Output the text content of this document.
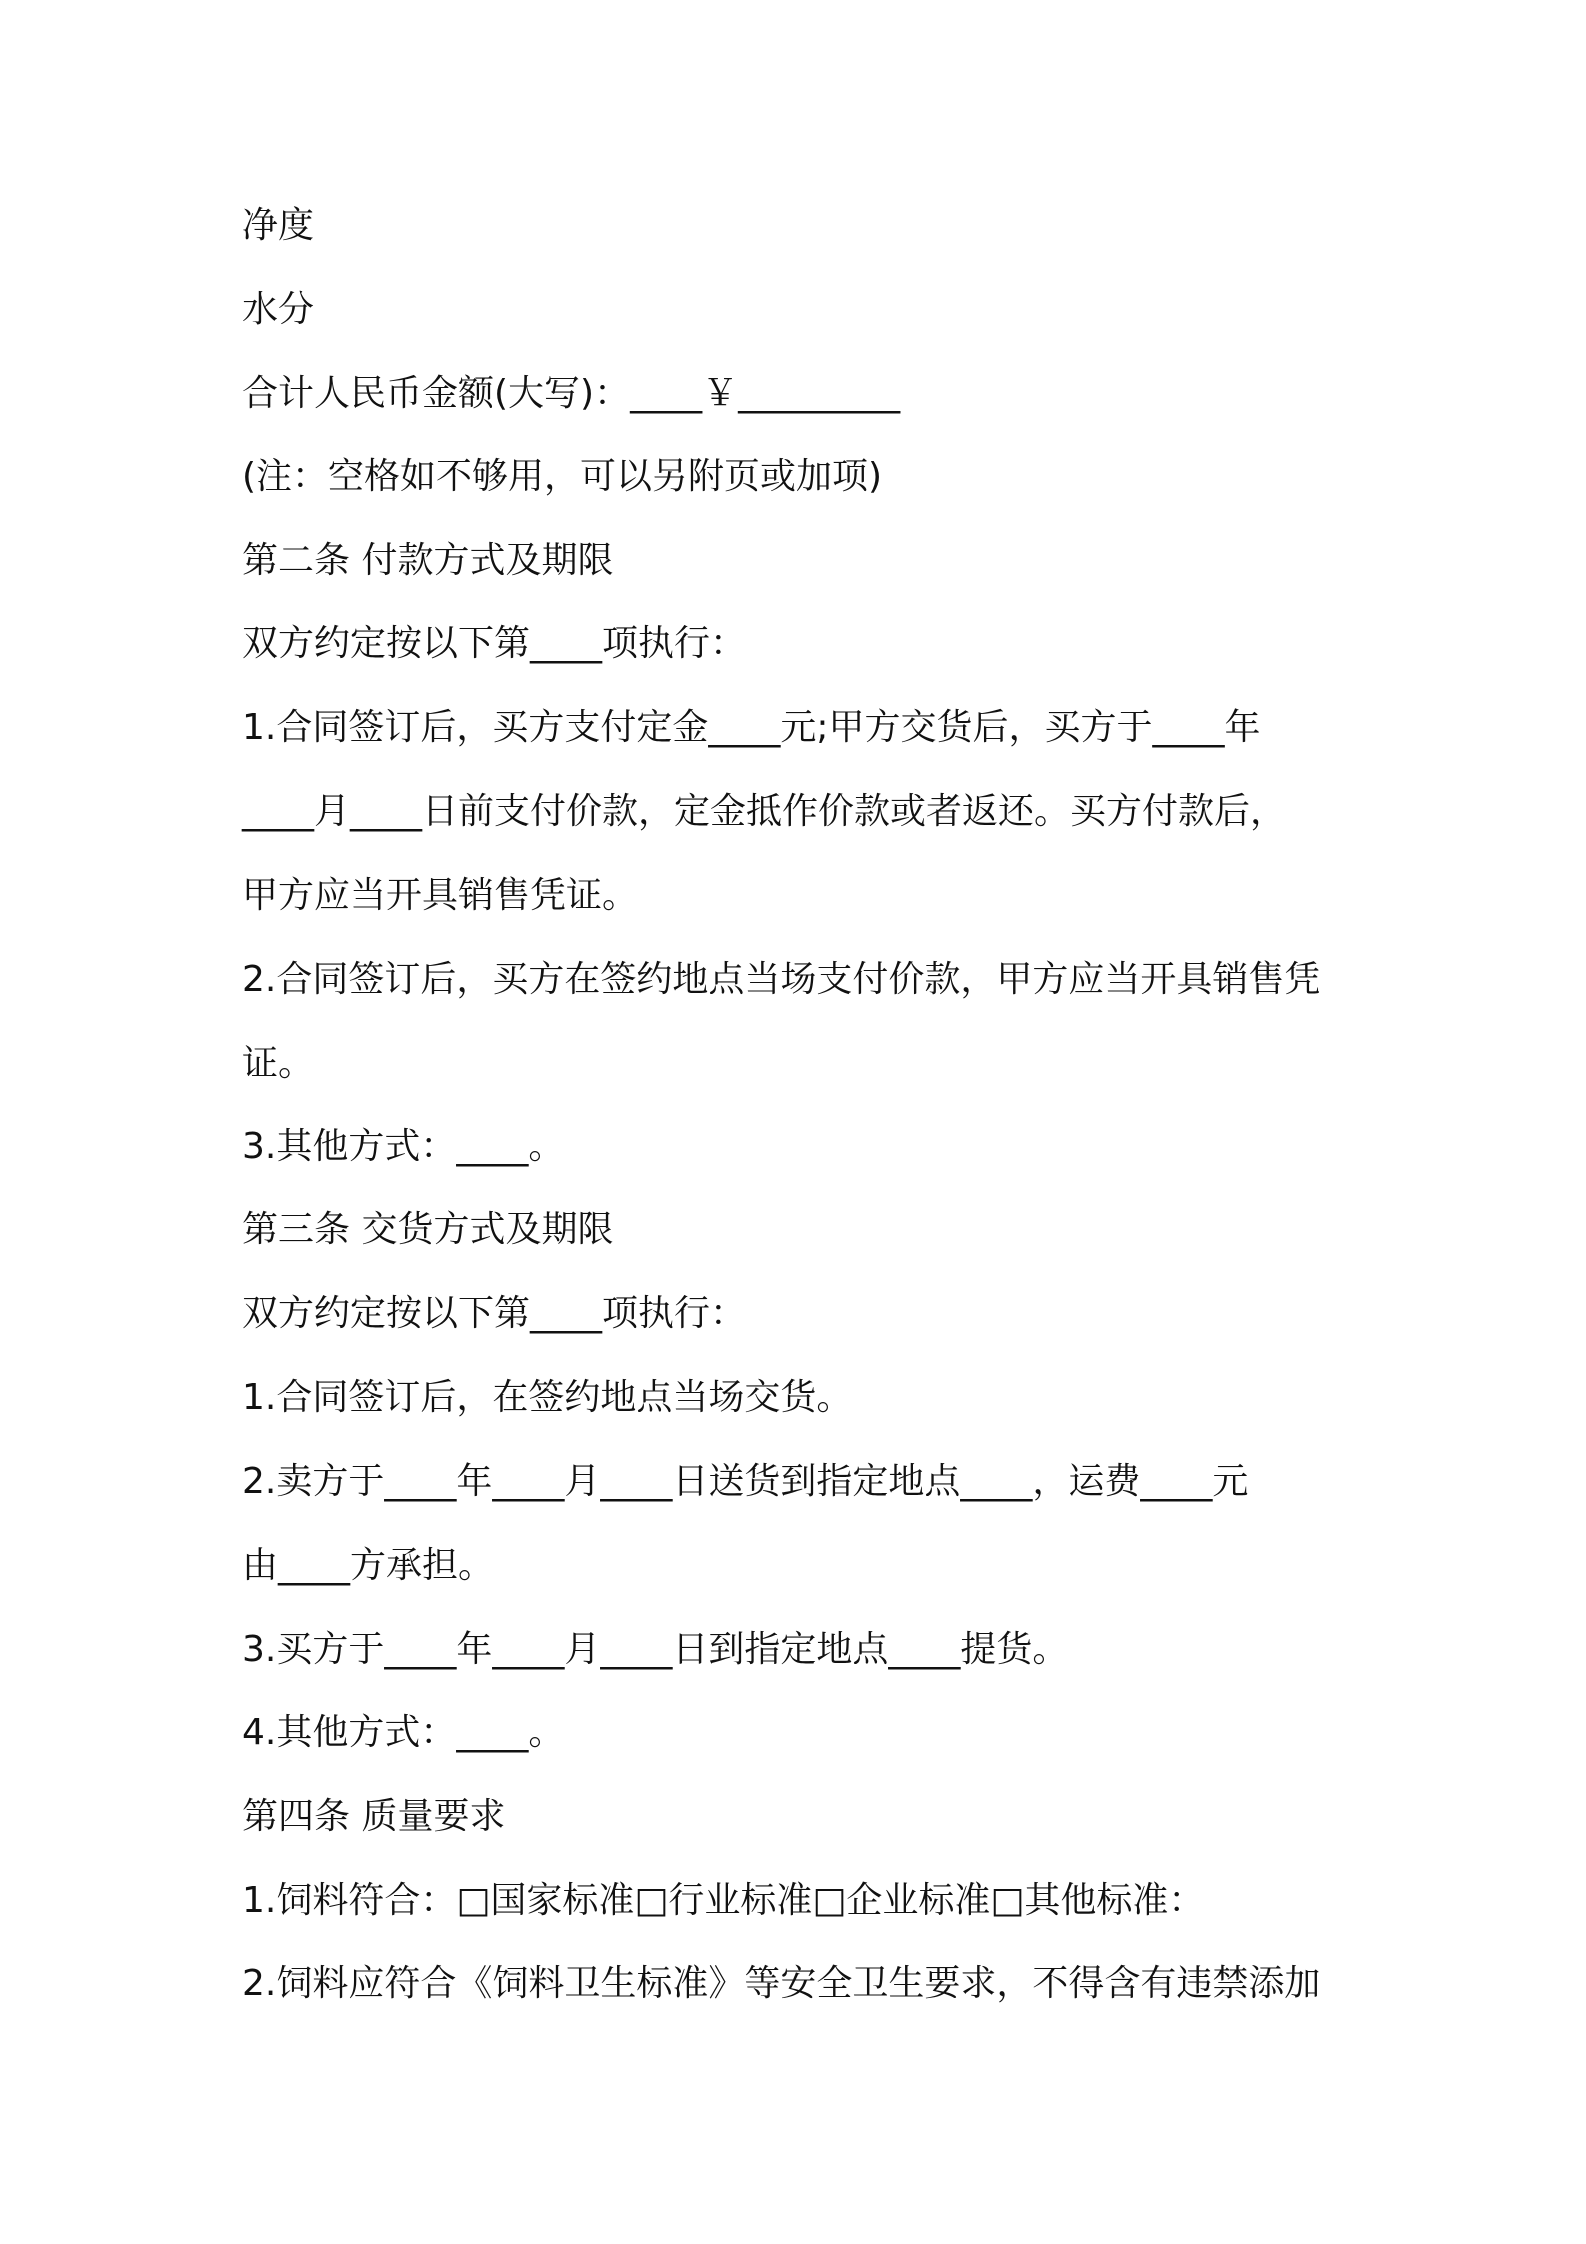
净度
水分
合计人民币金额(大写)：____￥_________
(注：空格如不够用，可以另附页或加项)
第二条 付款方式及期限
双方约定按以下第____项执行：
1.合同签订后，买方支付定金____元;甲方交货后，买方于____年
____月____日前支付价款，定金抵作价款或者返还。买方付款后，
甲方应当开具销售凭证。
2.合同签订后，买方在签约地点当场支付价款，甲方应当开具销售凭
证。
3.其他方式：____。
第三条 交货方式及期限
双方约定按以下第____项执行：
1.合同签订后，在签约地点当场交货。
2.卖方于____年____月____日送货到指定地点____，运费____元
由____方承担。
3.买方于____年____月____日到指定地点____提货。
4.其他方式：____。
第四条 质量要求
1.饲料符合：□国家标准□行业标准□企业标准□其他标准：
2.饲料应符合《饲料卫生标准》等安全卫生要求，不得含有违禁添加
